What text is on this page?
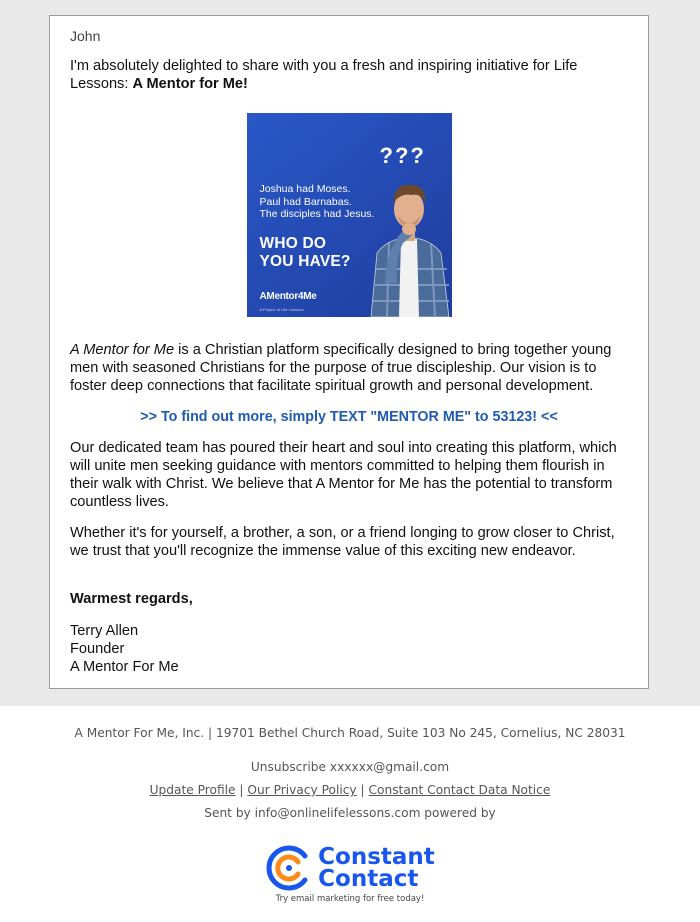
John

I'm absolutely delighted to share with you a fresh and inspiring initiative for Life Lessons: A Mentor for Me!

???
Joshua had Moses.
Paul had Barnabas.
The disciples had Jesus.
WHO DO
YOU HAVE?
AMentor4Me
A Project of Life Lessons

A Mentor for Me is a Christian platform specifically designed to bring together young men with seasoned Christians for the purpose of true discipleship. Our vision is to foster deep connections that facilitate spiritual growth and personal development.

>> To find out more, simply TEXT "MENTOR ME" to 53123! <<

Our dedicated team has poured their heart and soul into creating this platform, which will unite men seeking guidance with mentors committed to helping them flourish in their walk with Christ. We believe that A Mentor for Me has the potential to transform countless lives.

Whether it's for yourself, a brother, a son, or a friend longing to grow closer to Christ, we trust that you'll recognize the immense value of this exciting new endeavor.

Warmest regards,

Terry Allen
Founder
A Mentor For Me
A Mentor For Me, Inc. | 19701 Bethel Church Road, Suite 103 No 245, Cornelius, NC 28031
Unsubscribe xxxxxx@gmail.com
Update Profile | Our Privacy Policy | Constant Contact Data Notice
Sent by info@onlinelifelessons.com powered by
Constant
Contact
Try email marketing for free today!
